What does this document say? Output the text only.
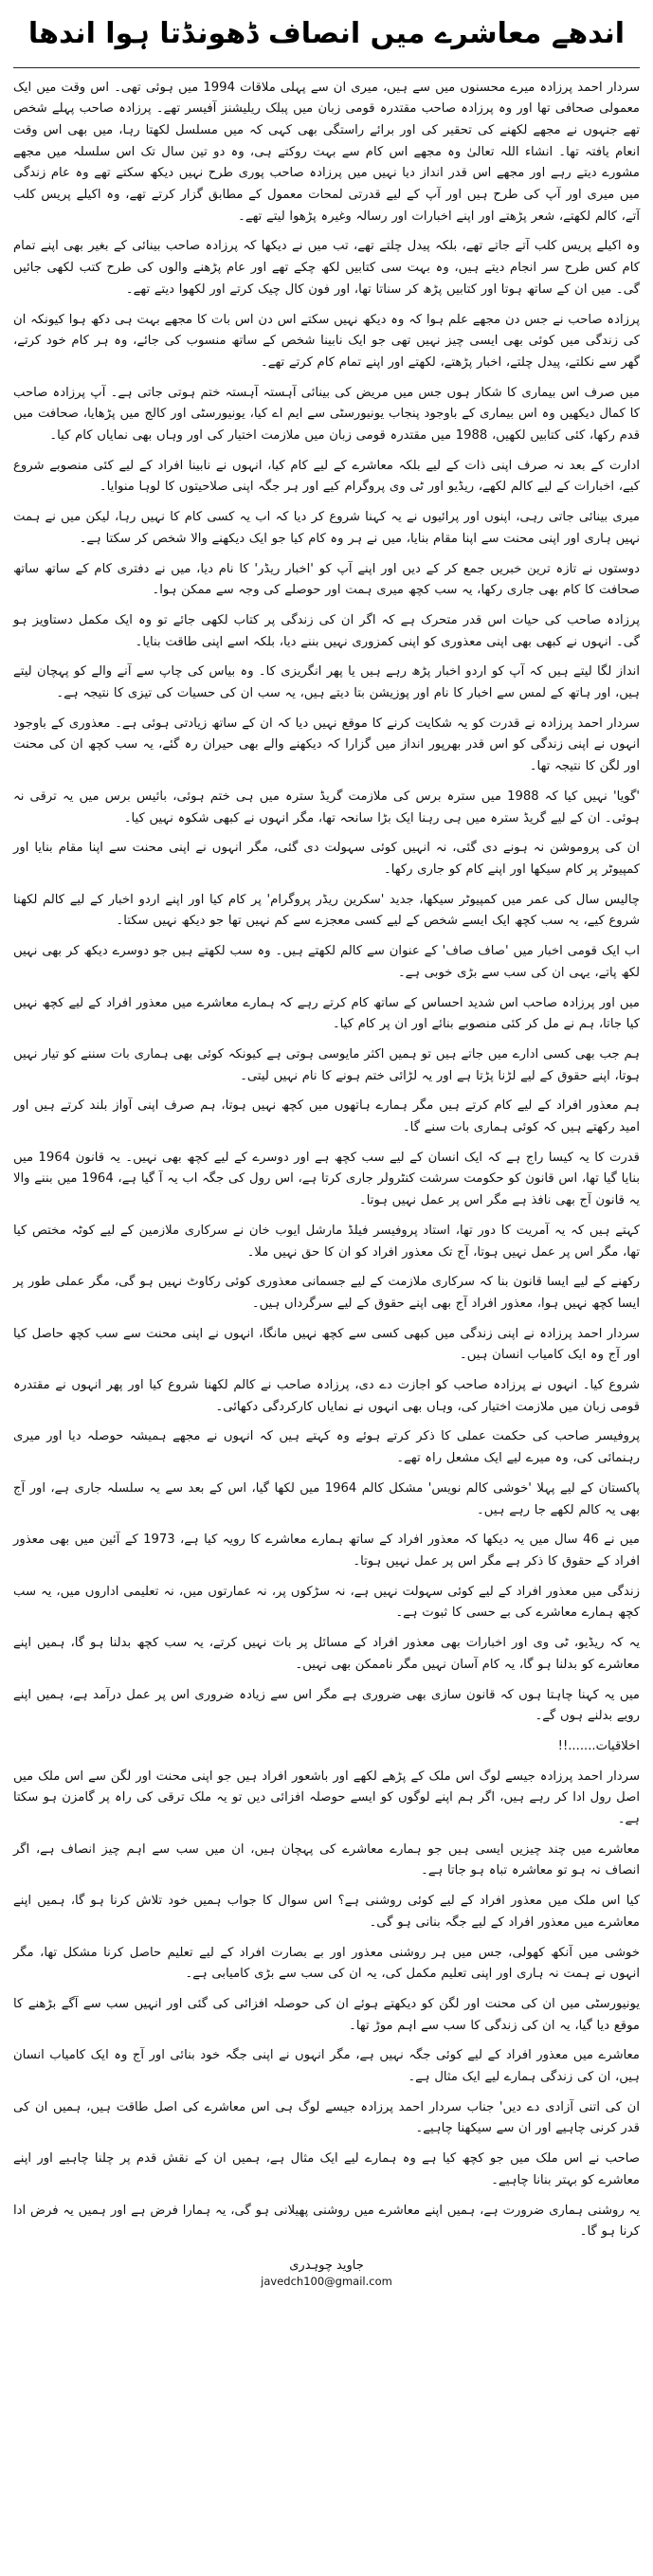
اندھے معاشرے میں انصاف ڈھونڈتا ہوا اندھا

سردار احمد پرزادہ میرے محسنوں میں سے ہیں، میری ان سے پہلی ملاقات 1994 میں ہوئی تھی۔ اس وقت میں ایک معمولی صحافی تھا اور وہ پرزادہ صاحب مقتدرہ قومی زبان میں پبلک ریلیشنز آفیسر تھے۔ پرزادہ صاحب پہلے شخص تھے جنہوں نے مجھے لکھنے کی تحقیر کی اور برائے راستگی بھی کہی کہ میں مسلسل لکھتا رہا، میں بھی اس وقت انعام یافتہ تھا۔ انشاء اللہ تعالیٰ وہ مجھے اس کام سے بہت روکتے ہی، وہ دو تین سال تک اس سلسلہ میں مجھے مشورے دیتے رہے اور مجھے اس قدر انداز دیا نہیں میں پرزادہ صاحب پوری طرح نہیں دیکھ سکتے تھے وہ عام زندگی میں میری اور آپ کی طرح ہیں اور آپ کے لیے قدرتی لمحات معمول کے مطابق گزار کرتے تھے، وہ اکیلے پریس کلب آتے، کالم لکھتے، شعر پڑھتے اور اپنے اخبارات اور رسالہ وغیرہ پڑھوا لیتے تھے۔

وہ اکیلے پریس کلب آتے جاتے تھے، بلکہ پیدل چلتے تھے، تب میں نے دیکھا کہ پرزادہ صاحب بینائی کے بغیر بھی اپنے تمام کام کس طرح سر انجام دیتے ہیں، وہ بہت سی کتابیں لکھ چکے تھے اور عام پڑھنے والوں کی طرح کتب لکھی جائیں گی۔ میں ان کے ساتھ ہوتا اور کتابیں پڑھ کر سناتا تھا، اور فون کال چیک کرتے اور لکھوا دیتے تھے۔

پرزادہ صاحب نے جس دن مجھے علم ہوا کہ وہ دیکھ نہیں سکتے اس دن اس بات کا مجھے بہت ہی دکھ ہوا کیونکہ ان کی زندگی میں کوئی بھی ایسی چیز نہیں تھی جو ایک نابینا شخص کے ساتھ منسوب کی جائے، وہ ہر کام خود کرتے، گھر سے نکلتے، پیدل چلتے، اخبار پڑھتے، لکھتے اور اپنے تمام کام کرتے تھے۔

میں صرف اس بیماری کا شکار ہوں جس میں مریض کی بینائی آہستہ آہستہ ختم ہوتی جاتی ہے۔ آپ پرزادہ صاحب کا کمال دیکھیں وہ اس بیماری کے باوجود پنجاب یونیورسٹی سے ایم اے کیا، یونیورسٹی اور کالج میں پڑھایا، صحافت میں قدم رکھا، کئی کتابیں لکھیں، 1988 میں مقتدرہ قومی زبان میں ملازمت اختیار کی اور وہاں بھی نمایاں کام کیا۔

ادارت کے بعد نہ صرف اپنی ذات کے لیے بلکہ معاشرے کے لیے کام کیا، انہوں نے نابینا افراد کے لیے کئی منصوبے شروع کیے، اخبارات کے لیے کالم لکھے، ریڈیو اور ٹی وی پروگرام کیے اور ہر جگہ اپنی صلاحیتوں کا لوہا منوایا۔

میری بینائی جاتی رہی، اپنوں اور پرائیوں نے یہ کہنا شروع کر دیا کہ اب یہ کسی کام کا نہیں رہا، لیکن میں نے ہمت نہیں ہاری اور اپنی محنت سے اپنا مقام بنایا، میں نے ہر وہ کام کیا جو ایک دیکھنے والا شخص کر سکتا ہے۔

دوستوں نے تازہ ترین خبریں جمع کر کے دیں اور اپنے آپ کو 'اخبار ریڈر' کا نام دیا، میں نے دفتری کام کے ساتھ ساتھ صحافت کا کام بھی جاری رکھا، یہ سب کچھ میری ہمت اور حوصلے کی وجہ سے ممکن ہوا۔

پرزادہ صاحب کی حیات اس قدر متحرک ہے کہ اگر ان کی زندگی پر کتاب لکھی جائے تو وہ ایک مکمل دستاویز ہو گی۔ انہوں نے کبھی بھی اپنی معذوری کو اپنی کمزوری نہیں بننے دیا، بلکہ اسے اپنی طاقت بنایا۔

انداز لگا لیتے ہیں کہ آپ کو اردو اخبار پڑھ رہے ہیں یا پھر انگریزی کا۔ وہ بیاس کی چاپ سے آنے والے کو پہچان لیتے ہیں، اور ہاتھ کے لمس سے اخبار کا نام اور پوزیشن بتا دیتے ہیں، یہ سب ان کی حسیات کی تیزی کا نتیجہ ہے۔

سردار احمد پرزادہ نے قدرت کو یہ شکایت کرنے کا موقع نہیں دیا کہ ان کے ساتھ زیادتی ہوئی ہے۔ معذوری کے باوجود انہوں نے اپنی زندگی کو اس قدر بھرپور انداز میں گزارا کہ دیکھنے والے بھی حیران رہ گئے، یہ سب کچھ ان کی محنت اور لگن کا نتیجہ تھا۔

'گویا' نہیں کیا کہ 1988 میں سترہ برس کی ملازمت گریڈ سترہ میں ہی ختم ہوئی، بائیس برس میں یہ ترقی نہ ہوئی۔ ان کے لیے گریڈ سترہ میں ہی رہنا ایک بڑا سانحہ تھا، مگر انہوں نے کبھی شکوہ نہیں کیا۔

ان کی پروموشن نہ ہونے دی گئی، نہ انہیں کوئی سہولت دی گئی، مگر انہوں نے اپنی محنت سے اپنا مقام بنایا اور کمپیوٹر پر کام سیکھا اور اپنے کام کو جاری رکھا۔

چالیس سال کی عمر میں کمپیوٹر سیکھا، جدید 'سکرین ریڈر پروگرام' پر کام کیا اور اپنے اردو اخبار کے لیے کالم لکھنا شروع کیے، یہ سب کچھ ایک ایسے شخص کے لیے کسی معجزے سے کم نہیں تھا جو دیکھ نہیں سکتا۔

اب ایک قومی اخبار میں 'صاف صاف' کے عنوان سے کالم لکھتے ہیں۔ وہ سب لکھتے ہیں جو دوسرے دیکھ کر بھی نہیں لکھ پاتے، یہی ان کی سب سے بڑی خوبی ہے۔

میں اور پرزادہ صاحب اس شدید احساس کے ساتھ کام کرتے رہے کہ ہمارے معاشرے میں معذور افراد کے لیے کچھ نہیں کیا جاتا، ہم نے مل کر کئی منصوبے بنائے اور ان پر کام کیا۔

ہم جب بھی کسی ادارے میں جاتے ہیں تو ہمیں اکثر مایوسی ہوتی ہے کیونکہ کوئی بھی ہماری بات سننے کو تیار نہیں ہوتا، اپنے حقوق کے لیے لڑنا پڑتا ہے اور یہ لڑائی ختم ہونے کا نام نہیں لیتی۔

ہم معذور افراد کے لیے کام کرتے ہیں مگر ہمارے ہاتھوں میں کچھ نہیں ہوتا، ہم صرف اپنی آواز بلند کرتے ہیں اور امید رکھتے ہیں کہ کوئی ہماری بات سنے گا۔

قدرت کا یہ کیسا راج ہے کہ ایک انسان کے لیے سب کچھ ہے اور دوسرے کے لیے کچھ بھی نہیں۔ یہ قانون 1964 میں بنایا گیا تھا، اس قانون کو حکومت سرشت کنٹرولر جاری کرتا ہے، اس رول کی جگہ اب یہ آ گیا ہے، 1964 میں بننے والا یہ قانون آج بھی نافذ ہے مگر اس پر عمل نہیں ہوتا۔

کہتے ہیں کہ یہ آمریت کا دور تھا، استاد پروفیسر فیلڈ مارشل ایوب خان نے سرکاری ملازمین کے لیے کوٹہ مختص کیا تھا، مگر اس پر عمل نہیں ہوتا، آج تک معذور افراد کو ان کا حق نہیں ملا۔

رکھنے کے لیے ایسا قانون بنا کہ سرکاری ملازمت کے لیے جسمانی معذوری کوئی رکاوٹ نہیں ہو گی، مگر عملی طور پر ایسا کچھ نہیں ہوا، معذور افراد آج بھی اپنے حقوق کے لیے سرگرداں ہیں۔

سردار احمد پرزادہ نے اپنی زندگی میں کبھی کسی سے کچھ نہیں مانگا، انہوں نے اپنی محنت سے سب کچھ حاصل کیا اور آج وہ ایک کامیاب انسان ہیں۔

شروع کیا۔ انہوں نے پرزادہ صاحب کو اجازت دے دی، پرزادہ صاحب نے کالم لکھنا شروع کیا اور پھر انہوں نے مقتدرہ قومی زبان میں ملازمت اختیار کی، وہاں بھی انہوں نے نمایاں کارکردگی دکھائی۔

پروفیسر صاحب کی حکمت عملی کا ذکر کرتے ہوئے وہ کہتے ہیں کہ انہوں نے مجھے ہمیشہ حوصلہ دیا اور میری رہنمائی کی، وہ میرے لیے ایک مشعل راہ تھے۔

پاکستان کے لیے پہلا 'خوشی کالم نویس' مشکل کالم 1964 میں لکھا گیا، اس کے بعد سے یہ سلسلہ جاری ہے، اور آج بھی یہ کالم لکھے جا رہے ہیں۔

میں نے 46 سال میں یہ دیکھا کہ معذور افراد کے ساتھ ہمارے معاشرے کا رویہ کیا ہے، 1973 کے آئین میں بھی معذور افراد کے حقوق کا ذکر ہے مگر اس پر عمل نہیں ہوتا۔

زندگی میں معذور افراد کے لیے کوئی سہولت نہیں ہے، نہ سڑکوں پر، نہ عمارتوں میں، نہ تعلیمی اداروں میں، یہ سب کچھ ہمارے معاشرے کی بے حسی کا ثبوت ہے۔

یہ کہ ریڈیو، ٹی وی اور اخبارات بھی معذور افراد کے مسائل پر بات نہیں کرتے، یہ سب کچھ بدلنا ہو گا، ہمیں اپنے معاشرے کو بدلنا ہو گا، یہ کام آسان نہیں مگر ناممکن بھی نہیں۔

میں یہ کہنا چاہتا ہوں کہ قانون سازی بھی ضروری ہے مگر اس سے زیادہ ضروری اس پر عمل درآمد ہے، ہمیں اپنے رویے بدلنے ہوں گے۔

اخلاقیات.......!!

سردار احمد پرزادہ جیسے لوگ اس ملک کے پڑھے لکھے اور باشعور افراد ہیں جو اپنی محنت اور لگن سے اس ملک میں اصل رول ادا کر رہے ہیں، اگر ہم اپنے لوگوں کو ایسے حوصلہ افزائی دیں تو یہ ملک ترقی کی راہ پر گامزن ہو سکتا ہے۔

معاشرے میں چند چیزیں ایسی ہیں جو ہمارے معاشرے کی پہچان ہیں، ان میں سب سے اہم چیز انصاف ہے، اگر انصاف نہ ہو تو معاشرہ تباہ ہو جاتا ہے۔

کیا اس ملک میں معذور افراد کے لیے کوئی روشنی ہے؟ اس سوال کا جواب ہمیں خود تلاش کرنا ہو گا، ہمیں اپنے معاشرے میں معذور افراد کے لیے جگہ بنانی ہو گی۔

خوشی میں آنکھ کھولی، جس میں ہر روشنی معذور اور بے بصارت افراد کے لیے تعلیم حاصل کرنا مشکل تھا، مگر انہوں نے ہمت نہ ہاری اور اپنی تعلیم مکمل کی، یہ ان کی سب سے بڑی کامیابی ہے۔

یونیورسٹی میں ان کی محنت اور لگن کو دیکھتے ہوئے ان کی حوصلہ افزائی کی گئی اور انہیں سب سے آگے بڑھنے کا موقع دیا گیا، یہ ان کی زندگی کا سب سے اہم موڑ تھا۔

معاشرے میں معذور افراد کے لیے کوئی جگہ نہیں ہے، مگر انہوں نے اپنی جگہ خود بنائی اور آج وہ ایک کامیاب انسان ہیں، ان کی زندگی ہمارے لیے ایک مثال ہے۔

ان کی اتنی آزادی دے دیں' جناب سردار احمد پرزادہ جیسے لوگ ہی اس معاشرے کی اصل طاقت ہیں، ہمیں ان کی قدر کرنی چاہیے اور ان سے سیکھنا چاہیے۔

صاحب نے اس ملک میں جو کچھ کیا ہے وہ ہمارے لیے ایک مثال ہے، ہمیں ان کے نقش قدم پر چلنا چاہیے اور اپنے معاشرے کو بہتر بنانا چاہیے۔

یہ روشنی ہماری ضرورت ہے، ہمیں اپنے معاشرے میں روشنی پھیلانی ہو گی، یہ ہمارا فرض ہے اور ہمیں یہ فرض ادا کرنا ہو گا۔

جاوید چوہدری
javedch100@gmail.com
